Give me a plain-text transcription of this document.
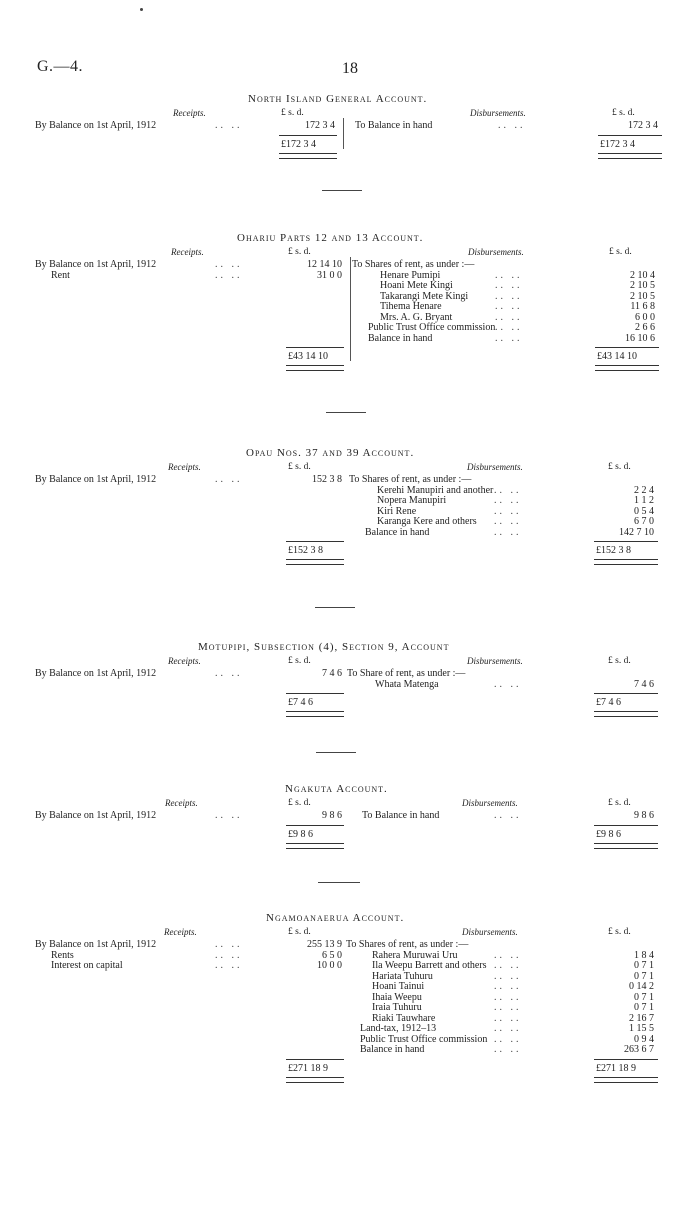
G.—4.	18
North Island General Account.
Receipts.	£ s. d.	Disbursements.	£ s. d.
By Balance on 1st April, 1912	.. ..	172 3 4 To Balance in hand	.. ..	172 3 4
£172 3 4	£172 3 4
Ohariu Parts 12 and 13 Account.
Receipts.	£ s. d.	Disbursements.	£ s. d.
By Balance on 1st April, 1912	.. ..	12 14 10
Rent	.. ..	31 0 0
To Shares of rent, as under :—
Henare Pumipi	.. ..	2 10 4
Hoani Mete Kingi	.. ..	2 10 5
Takarangi Mete Kingi	.. ..	2 10 5
Tihema Henare	.. ..	11 6 8
Mrs. A. G. Bryant	.. ..	6 0 0
Public Trust Office commission .. ..	2 6 6
Balance in hand	.. ..	16 10 6
£43 14 10	£43 14 10
Opau Nos. 37 and 39 Account.
Receipts.	£ s. d.	Disbursements.	£ s. d.
By Balance on 1st April, 1912	.. ..	152 3 8 To Shares of rent, as under :—
Kerehi Manupiri and another .. ..	2 2 4
Nopera Manupiri	.. ..	1 1 2
Kiri Rene	.. ..	0 5 4
Karanga Kere and others .. ..	6 7 0
Balance in hand	.. ..	142 7 10
£152 3 8	£152 3 8
Motupipi, Subsection (4), Section 9, Account
Receipts.	£ s. d.	Disbursements.	£ s. d.
By Balance on 1st April, 1912	.. ..	7 4 6 To Share of rent, as under :—
Whata Matenga	.. ..	7 4 6
£7 4 6	£7 4 6
Ngakuta Account.
Receipts.	£ s. d.	Disbursements.	£ s. d.
By Balance on 1st April, 1912	.. ..	9 8 6 To Balance in hand	.. ..	9 8 6
£9 8 6	£9 8 6
Ngamoanaerua Account.
Receipts.	£ s. d.	Disbursements.	£ s. d.
By Balance on 1st April, 1912	.. ..	255 13 9
Rents	.. ..	6 5 0
Interest on capital	.. ..	10 0 0
To Shares of rent, as under :—
Rahera Muruwai Uru	.. ..	1 8 4
Ila Weepu Barrett and others .. ..	0 7 1
Hariata Tuhuru	.. ..	0 7 1
Hoani Tainui	.. ..	0 14 2
Ihaia Weepu	.. ..	0 7 1
Iraia Tuhuru	.. ..	0 7 1
Riaki Tauwhare	.. ..	2 16 7
Land-tax, 1912–13	.. ..	1 15 5
Public Trust Office commission .. ..	0 9 4
Balance in hand	.. ..	263 6 7
£271 18 9	£271 18 9
